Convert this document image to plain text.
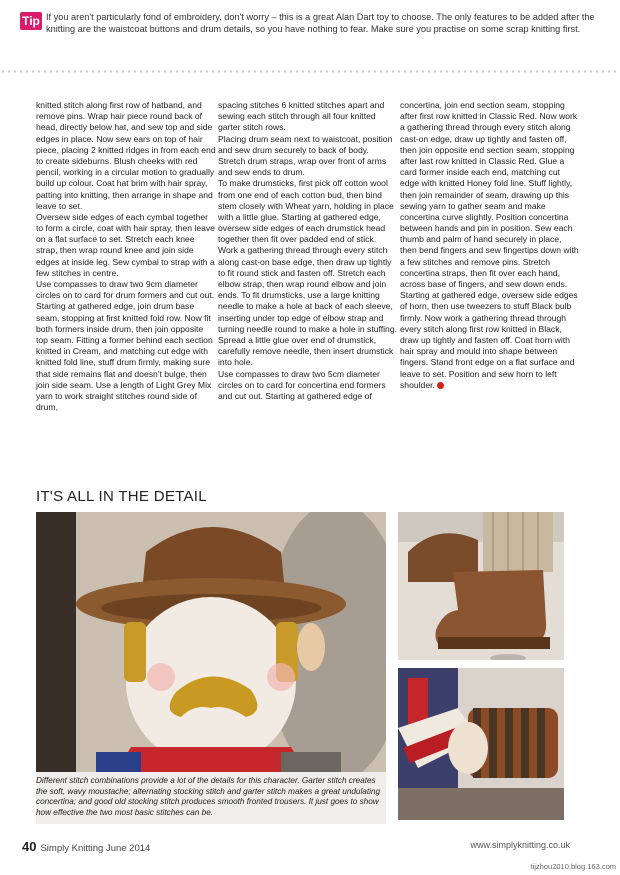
Tip If you aren't particularly fond of embroidery, don't worry – this is a great Alan Dart toy to choose. The only features to be added after the knitting are the waistcoat buttons and drum details, so you have nothing to fear. Make sure you practise on some scrap knitting first.

knitted stitch along first row of hatband, and remove pins. Wrap hair piece round back of head, directly below hat, and sew top and side edges in place. Now sew ears on top of hair piece, placing 2 knitted ridges in from each end to create sideburns. Blush cheeks with red pencil, working in a circular motion to gradually build up colour. Coat hat brim with hair spray, patting into knitting, then arrange in shape and leave to set.

Oversew side edges of each cymbal together to form a circle, coat with hair spray, then leave on a flat surface to set. Stretch each knee strap, then wrap round knee and join side edges at inside leg. Sew cymbal to strap with a few stitches in centre.

Use compasses to draw two 9cm diameter circles on to card for drum formers and cut out. Starting at gathered edge, join drum base seam, stopping at first knitted fold row. Now fit both formers inside drum, then join opposite top seam. Fitting a former behind each section knitted in Cream, and matching cut edge with knitted fold line, stuff drum firmly, making sure that side remains flat and doesn't bulge, then join side seam. Use a length of Light Grey Mix yarn to work straight stitches round side of drum,

spacing stitches 6 knitted stitches apart and sewing each stitch through all four knitted garter stitch rows.

Placing drum seam next to waistcoat, position and sew drum securely to back of body. Stretch drum straps, wrap over front of arms and sew ends to drum.

To make drumsticks, first pick off cotton wool from one end of each cotton bud, then bind stem closely with Wheat yarn, holding in place with a little glue. Starting at gathered edge, oversew side edges of each drumstick head together then fit over padded end of stick. Work a gathering thread through every stitch along cast-on base edge, then draw up tightly to fit round stick and fasten off. Stretch each elbow strap, then wrap round elbow and join ends. To fit drumsticks, use a large knitting needle to make a hole at back of each sleeve, inserting under top edge of elbow strap and turning needle round to make a hole in stuffing. Spread a little glue over end of drumstick, carefully remove needle, then insert drumstick into hole.

Use compasses to draw two 5cm diameter circles on to card for concertina end formers and cut out. Starting at gathered edge of

concertina, join end section seam, stopping after first row knitted in Classic Red. Now work a gathering thread through every stitch along cast-on edge, draw up tightly and fasten off, then join opposite end section seam, stopping after last row knitted in Classic Red. Glue a card former inside each end, matching cut edge with knitted Honey fold line. Stuff lightly, then join remainder of seam, drawing up this sewing yarn to gather seam and make concertina curve slightly. Position concertina between hands and pin in position. Sew each thumb and palm of hand securely in place, then bend fingers and sew fingertips down with a few stitches and remove pins. Stretch concertina straps, then fit over each hand, across base of fingers, and sew down ends.

Starting at gathered edge, oversew side edges of horn, then use tweezers to stuff Black bulb firmly. Now work a gathering thread through every stitch along first row knitted in Black, draw up tightly and fasten off. Coat horn with hair spray and mould into shape between fingers. Stand front edge on a flat surface and leave to set. Position and sew horn to left shoulder.

IT'S ALL IN THE DETAIL
Different stitch combinations provide a lot of the details for this character. Garter stitch creates the soft, wavy moustache; alternating stocking stitch and garter stitch makes a great undulating concertina; and good old stocking stitch produces smooth fronted trousers. It just goes to show how effective the two most basic stitches can be.
40 Simply Knitting June 2014	www.simplyknitting.co.uk
tijzhou2010.blog.163.com
